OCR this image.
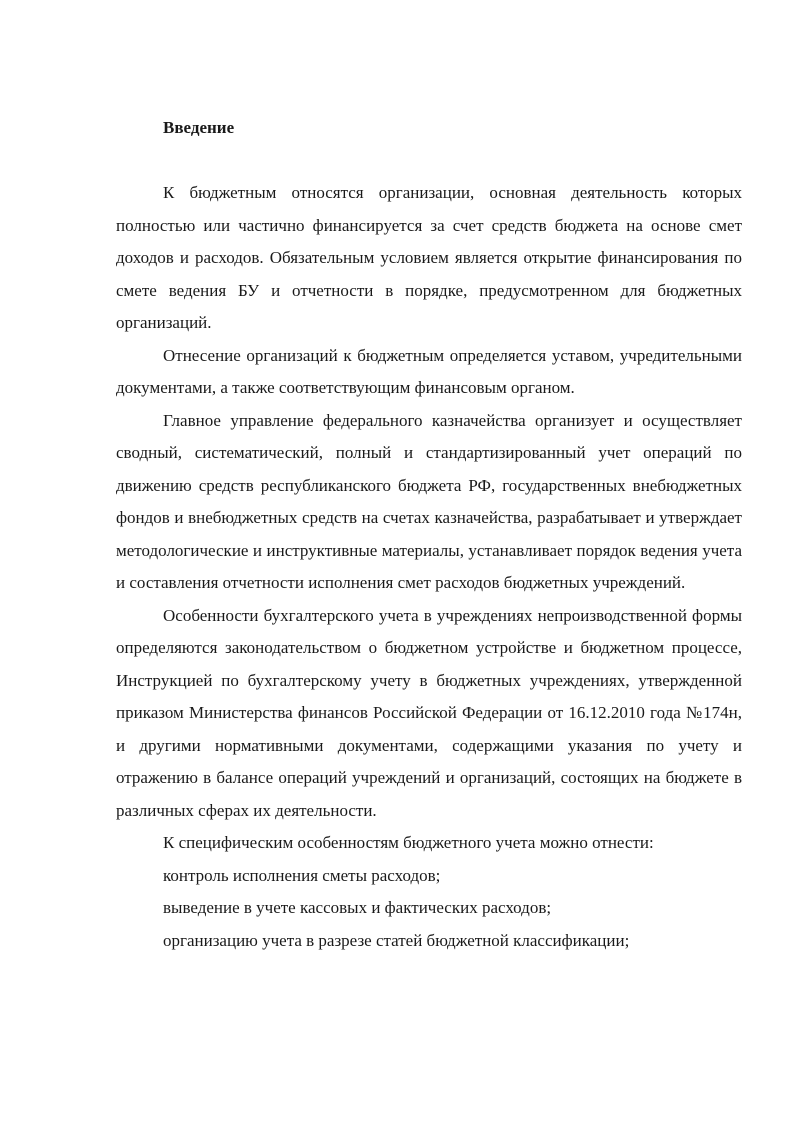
Введение

К бюджетным относятся организации, основная деятельность которых полностью или частично финансируется за счет средств бюджета на основе смет доходов и расходов. Обязательным условием является открытие финансирования по смете ведения БУ и отчетности в порядке, предусмотренном для бюджетных организаций.

Отнесение организаций к бюджетным определяется уставом, учредительными документами, а также соответствующим финансовым органом.

Главное управление федерального казначейства организует и осуществляет сводный, систематический, полный и стандартизированный учет операций по движению средств республиканского бюджета РФ, государственных внебюджетных фондов и внебюджетных средств на счетах казначейства, разрабатывает и утверждает методологические и инструктивные материалы, устанавливает порядок ведения учета и составления отчетности исполнения смет расходов бюджетных учреждений.

Особенности бухгалтерского учета в учреждениях непроизводственной формы определяются законодательством о бюджетном устройстве и бюджетном процессе, Инструкцией по бухгалтерскому учету в бюджетных учреждениях, утвержденной приказом Министерства финансов Российской Федерации от 16.12.2010 года №174н, и другими нормативными документами, содержащими указания по учету и отражению в балансе операций учреждений и организаций, состоящих на бюджете в различных сферах их деятельности.

К специфическим особенностям бюджетного учета можно отнести:

контроль исполнения сметы расходов;

выведение в учете кассовых и фактических расходов;

организацию учета в разрезе статей бюджетной классификации;
